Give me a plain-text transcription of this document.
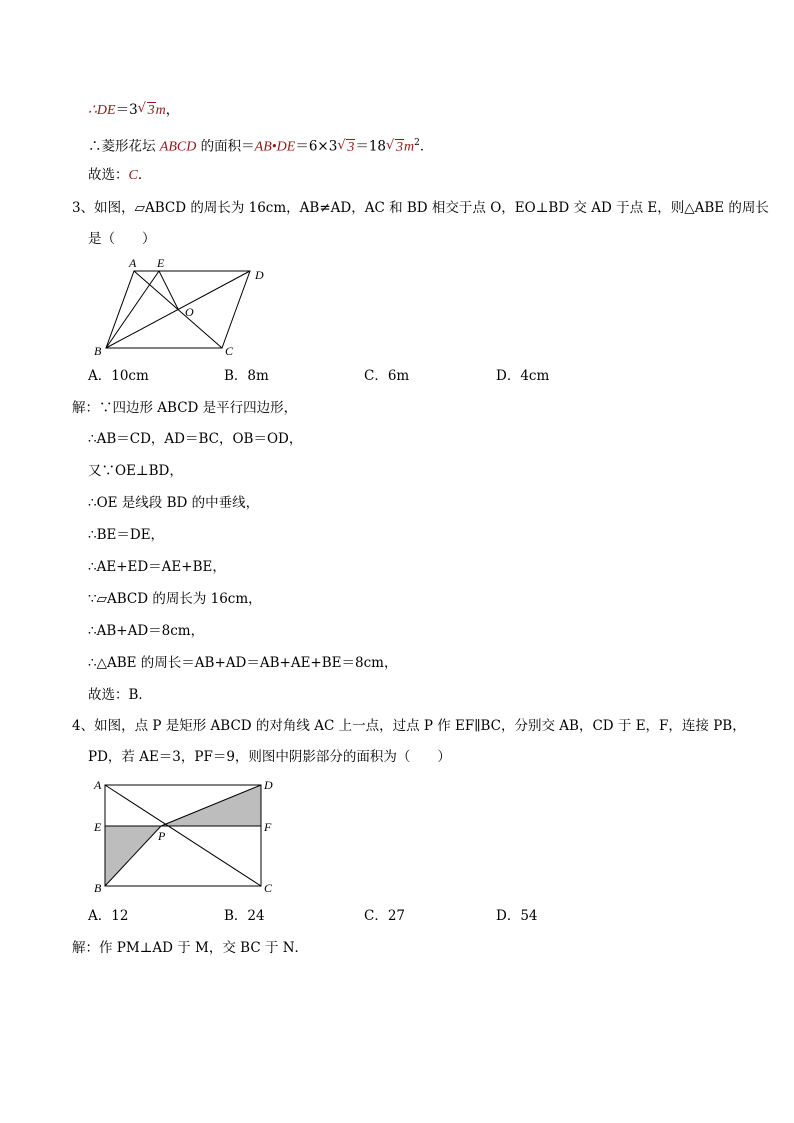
∴DE＝3 √ 3m，
∴菱形花坛 ABCD 的面积＝AB•DE＝6×3 √ 3＝18 √ $3m^2$．
故选：C．
3、如图，▱ABCD 的周长为 16cm，AB≠AD，AC 和 BD 相交于点 O，EO⊥BD 交 AD 于点 E，则△ABE 的周长
是（　　）
A E
D
O
B	C
A．10cm	B．8m	C．6m	D．4cm
解：∵四边形 ABCD 是平行四边形，
∴AB＝CD，AD＝BC，OB＝OD，
又∵OE⊥BD，
∴OE 是线段 BD 的中垂线，
∴BE＝DE，
∴AE+ED＝AE+BE，
∵▱ABCD 的周长为 16cm，
∴AB+AD＝8cm，
∴△ABE 的周长＝AB+AD＝AB+AE+BE＝8cm，
故选：B．
4、如图，点 P 是矩形 ABCD 的对角线 AC 上一点，过点 P 作 EF∥BC，分别交 AB，CD 于 E，F，连接 PB，
PD，若 AE＝3，PF＝9，则图中阴影部分的面积为（　　）
A	D
E	F
P
B	C
A．12	B．24	C．27	D．54
解：作 PM⊥AD 于 M，交 BC 于 N．
